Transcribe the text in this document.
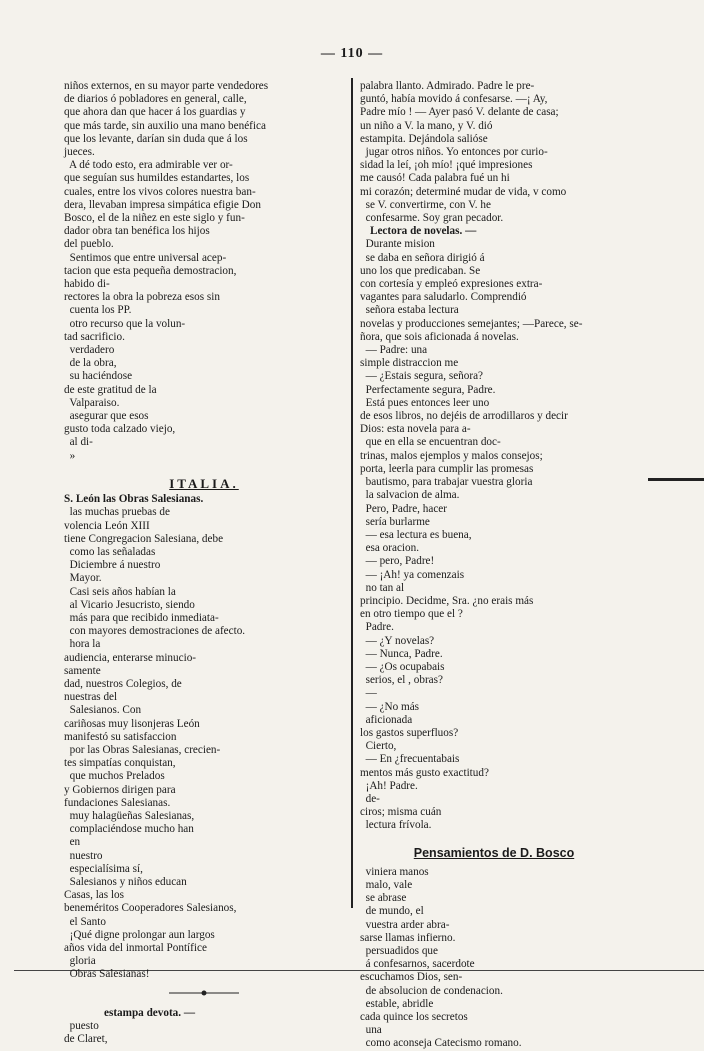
— 110 —

niños externos, en su mayor parte vendedores

de diarios ó pobladores en general, calle,

que ahora dan que hacer á los guardias y

que más tarde, sin auxilio una mano benéfica

que los levante, darían sin duda que á los

jueces.

A dé todo esto, era admirable ver or-

que seguían sus humildes estandartes, los

cuales, entre los vivos colores nuestra ban-

dera, llevaban impresa simpática efigie Don

Bosco, el de la niñez en este siglo y fun-

dador obra tan benéfica los hijos

del pueblo.

Sentimos que entre universal acep-

tacion que esta pequeña demostracion,

habido di-

rectores la obra la pobreza esos sin

cuenta los PP.

otro recurso que la volun-

tad sacrificio.

verdadero

de la obra,

su haciéndose

de este gratitud de la

Valparaiso.

asegurar que esos

gusto toda calzado viejo,

al di-

»

ITALIA.
S. León las Obras Salesianas.

las muchas pruebas de

volencia León XIII

tiene Congregacion Salesiana, debe

como las señaladas

Diciembre á nuestro

Mayor.

Casi seis años habían la

al Vicario Jesucristo, siendo

más para que recibido inmediata-

con mayores demostraciones de afecto.

hora la

audiencia, enterarse minucio-

samente

dad, nuestros Colegios, de

nuestras del

Salesianos. Con

cariñosas muy lisonjeras León

manifestó su satisfaccion

por las Obras Salesianas, crecien-

tes simpatías conquistan,

que muchos Prelados

y Gobiernos dirigen para

fundaciones Salesianas.

muy halagüeñas Salesianas,

complaciéndose mucho han

en

nuestro

especialísima sí,

Salesianos y niños educan

Casas, las los

beneméritos Cooperadores Salesianos,

el Santo

¡Qué digne prolongar aun largos

años vida del inmortal Pontífice

gloria

Obras Salesianas!

estampa devota. —

puesto

de Claret,

palabra llanto. Admirado. Padre le pre-

guntó, había movido á confesarse. —¡ Ay,

Padre mío ! — Ayer pasó V. delante de casa;

un niño a V. la mano, y V. dió

estampita. Dejándola salióse

jugar otros niños. Yo entonces por curio-

sidad la leí, ¡oh mío! ¡qué impresiones

me causó! Cada palabra fué un hi

mi corazón; determiné mudar de vida, v como

se V. convertirme, con V. he

confesarme. Soy gran pecador.

Lectora de novelas. —

Durante mision

se daba en señora dirigió á

uno los que predicaban. Se

con cortesía y empleó expresiones extra-

vagantes para saludarlo. Comprendió

señora estaba lectura

novelas y producciones semejantes; —Parece, se-

ñora, que sois aficionada á novelas.

— Padre: una

simple distraccion me

— ¿Estais segura, señora?

Perfectamente segura, Padre.

Está pues entonces leer uno

de esos libros, no dejéis de arrodillaros y decir

Dios: esta novela para a-

que en ella se encuentran doc-

trinas, malos ejemplos y malos consejos;

porta, leerla para cumplir las promesas

bautismo, para trabajar vuestra gloria

la salvacion de alma.

Pero, Padre, hacer

sería burlarme

— esa lectura es buena,

esa oracion.

— pero, Padre!

— ¡Ah! ya comenzais

no tan al

principio. Decidme, Sra. ¿no erais más

en otro tiempo que el ?

Padre.

— ¿Y novelas?

— Nunca, Padre.

— ¿Os ocupabais

serios, el , obras?

—

— ¿No más

aficionada

los gastos superfluos?

Cierto,

— En ¿frecuentabais

mentos más gusto exactitud?

¡Ah! Padre.

de-

ciros; misma cuán

lectura frívola.

Pensamientos de D. Bosco

viniera manos

malo, vale

se abrase

de mundo, el

vuestra arder abra-

sarse llamas infierno.

persuadidos que

á confesarnos, sacerdote

escuchamos Dios, sen-

de absolucion de condenacion.

estable, abridle

cada quince los secretos

una

como aconseja Catecismo romano.
